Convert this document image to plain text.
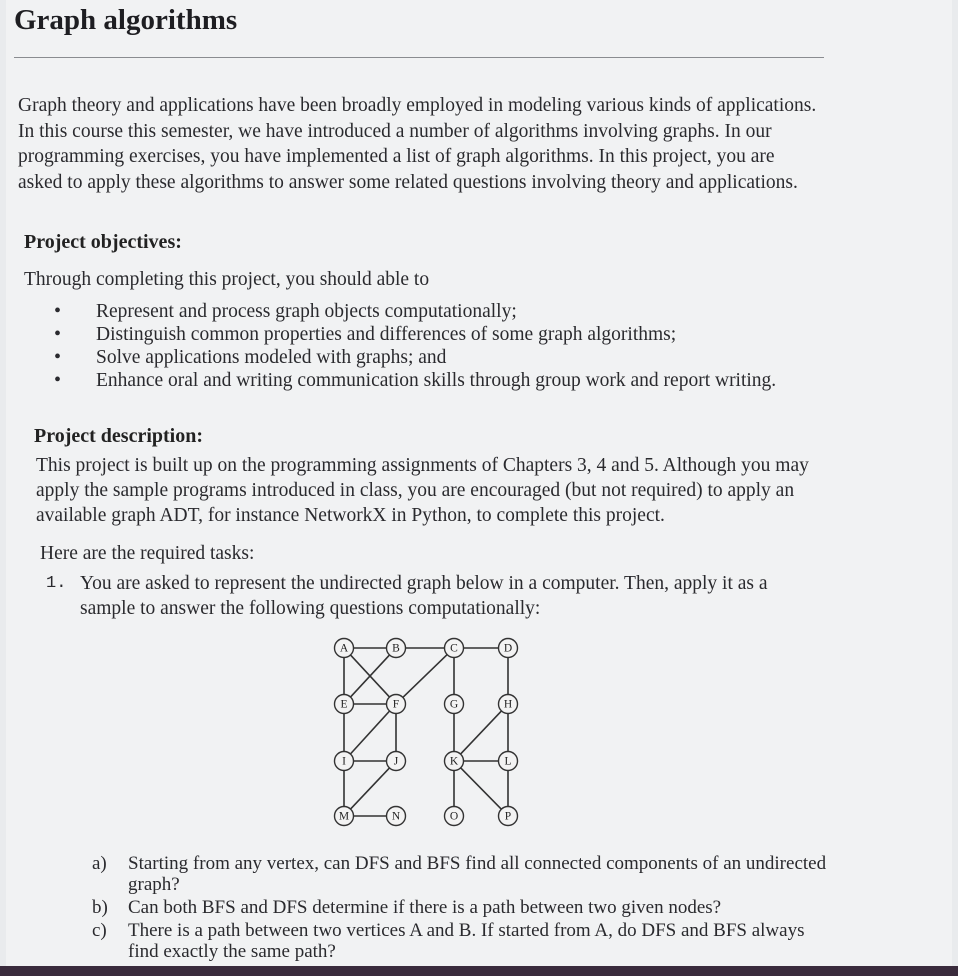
Graph algorithms

Graph theory and applications have been broadly employed in modeling various kinds of applications. In this course this semester, we have introduced a number of algorithms involving graphs. In our programming exercises, you have implemented a list of graph algorithms. In this project, you are asked to apply these algorithms to answer some related questions involving theory and applications.

Project objectives:

Through completing this project, you should able to

• Represent and process graph objects computationally;
• Distinguish common properties and differences of some graph algorithms;
• Solve applications modeled with graphs; and
• Enhance oral and writing communication skills through group work and report writing.
Project description:

This project is built up on the programming assignments of Chapters 3, 4 and 5. Although you may apply the sample programs introduced in class, you are encouraged (but not required) to apply an available graph ADT, for instance NetworkX in Python, to complete this project.

Here are the required tasks:

1. You are asked to represent the undirected graph below in a computer. Then, apply it as a sample to answer the following questions computationally:
A	B	C	D
E	F	G	H
I	J	K	L
M	N	O	P
a) Starting from any vertex, can DFS and BFS find all connected components of an undirected graph?
b) Can both BFS and DFS determine if there is a path between two given nodes?
c) There is a path between two vertices A and B. If started from A, do DFS and BFS always find exactly the same path?
